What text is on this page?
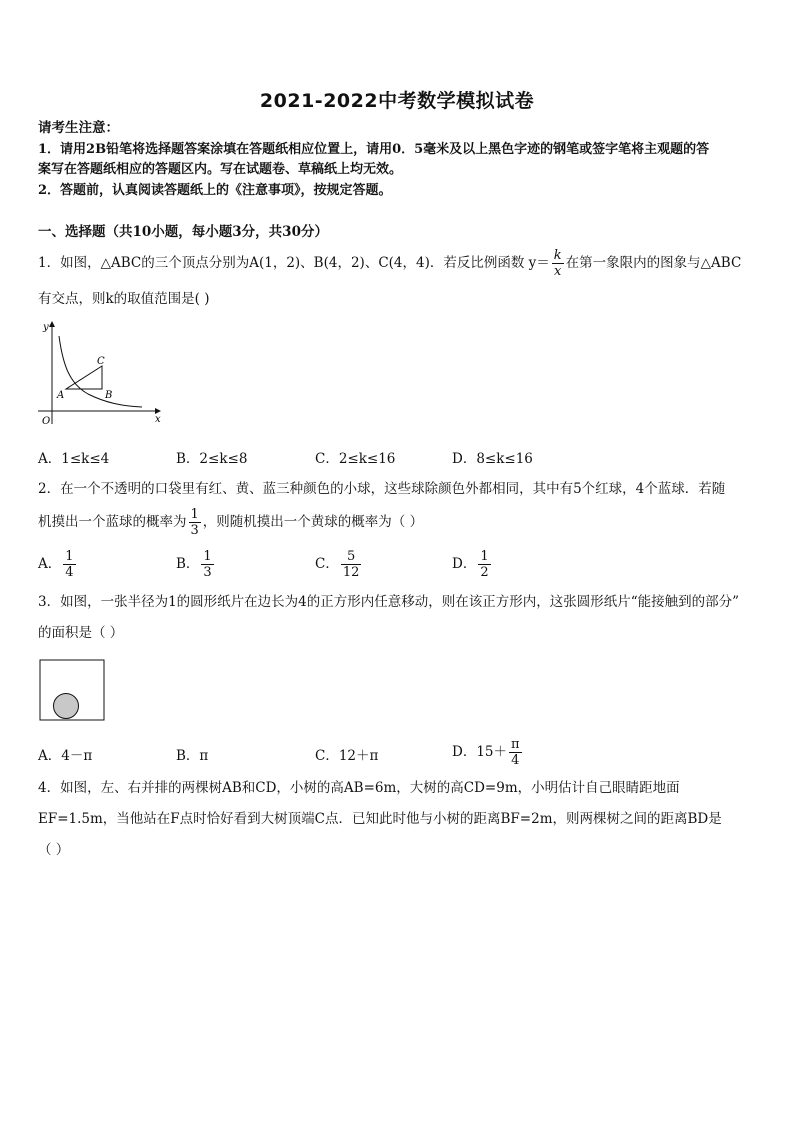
2021-2022中考数学模拟试卷
请考生注意：
1．请用2B铅笔将选择题答案涂填在答题纸相应位置上，请用0．5毫米及以上黑色字迹的钢笔或签字笔将主观题的答
案写在答题纸相应的答题区内。写在试题卷、草稿纸上均无效。
2．答题前，认真阅读答题纸上的《注意事项》，按规定答题。
一、选择题（共10小题，每小题3分，共30分）
1．如图，△ABC的三个顶点分别为A(1，2)、B(4，2)、C(4，4)．若反比例函数 $y= \frac{k}{x}$ 在第一象限内的图象与△ABC
有交点，则k的取值范围是( )
y
x
O
A	B
C
A．1≤k≤4	B．2≤k≤8	C．2≤k≤16	D．8≤k≤16
2．在一个不透明的口袋里有红、黄、蓝三种颜色的小球，这些球除颜色外都相同，其中有5个红球，4个蓝球．若随
机摸出一个蓝球的概率为 $\frac{1}{3}$ ，则随机摸出一个黄球的概率为（ ）
A． $\frac{1}{4}$	B． $\frac{1}{3}$	C． $\frac{5}{12}$	D． $\frac{1}{2}$
3．如图，一张半径为1的圆形纸片在边长为4的正方形内任意移动，则在该正方形内，这张圆形纸片“能接触到的部分”
的面积是（ ）
A．4－π	B．π	C．12＋π	D．$15+ \frac{\pi}{4}$
4．如图，左、右并排的两棵树AB和CD，小树的高AB=6m，大树的高CD=9m，小明估计自己眼睛距地面
EF=1.5m，当他站在F点时恰好看到大树顶端C点．已知此时他与小树的距离BF=2m，则两棵树之间的距离BD是
（ ）
